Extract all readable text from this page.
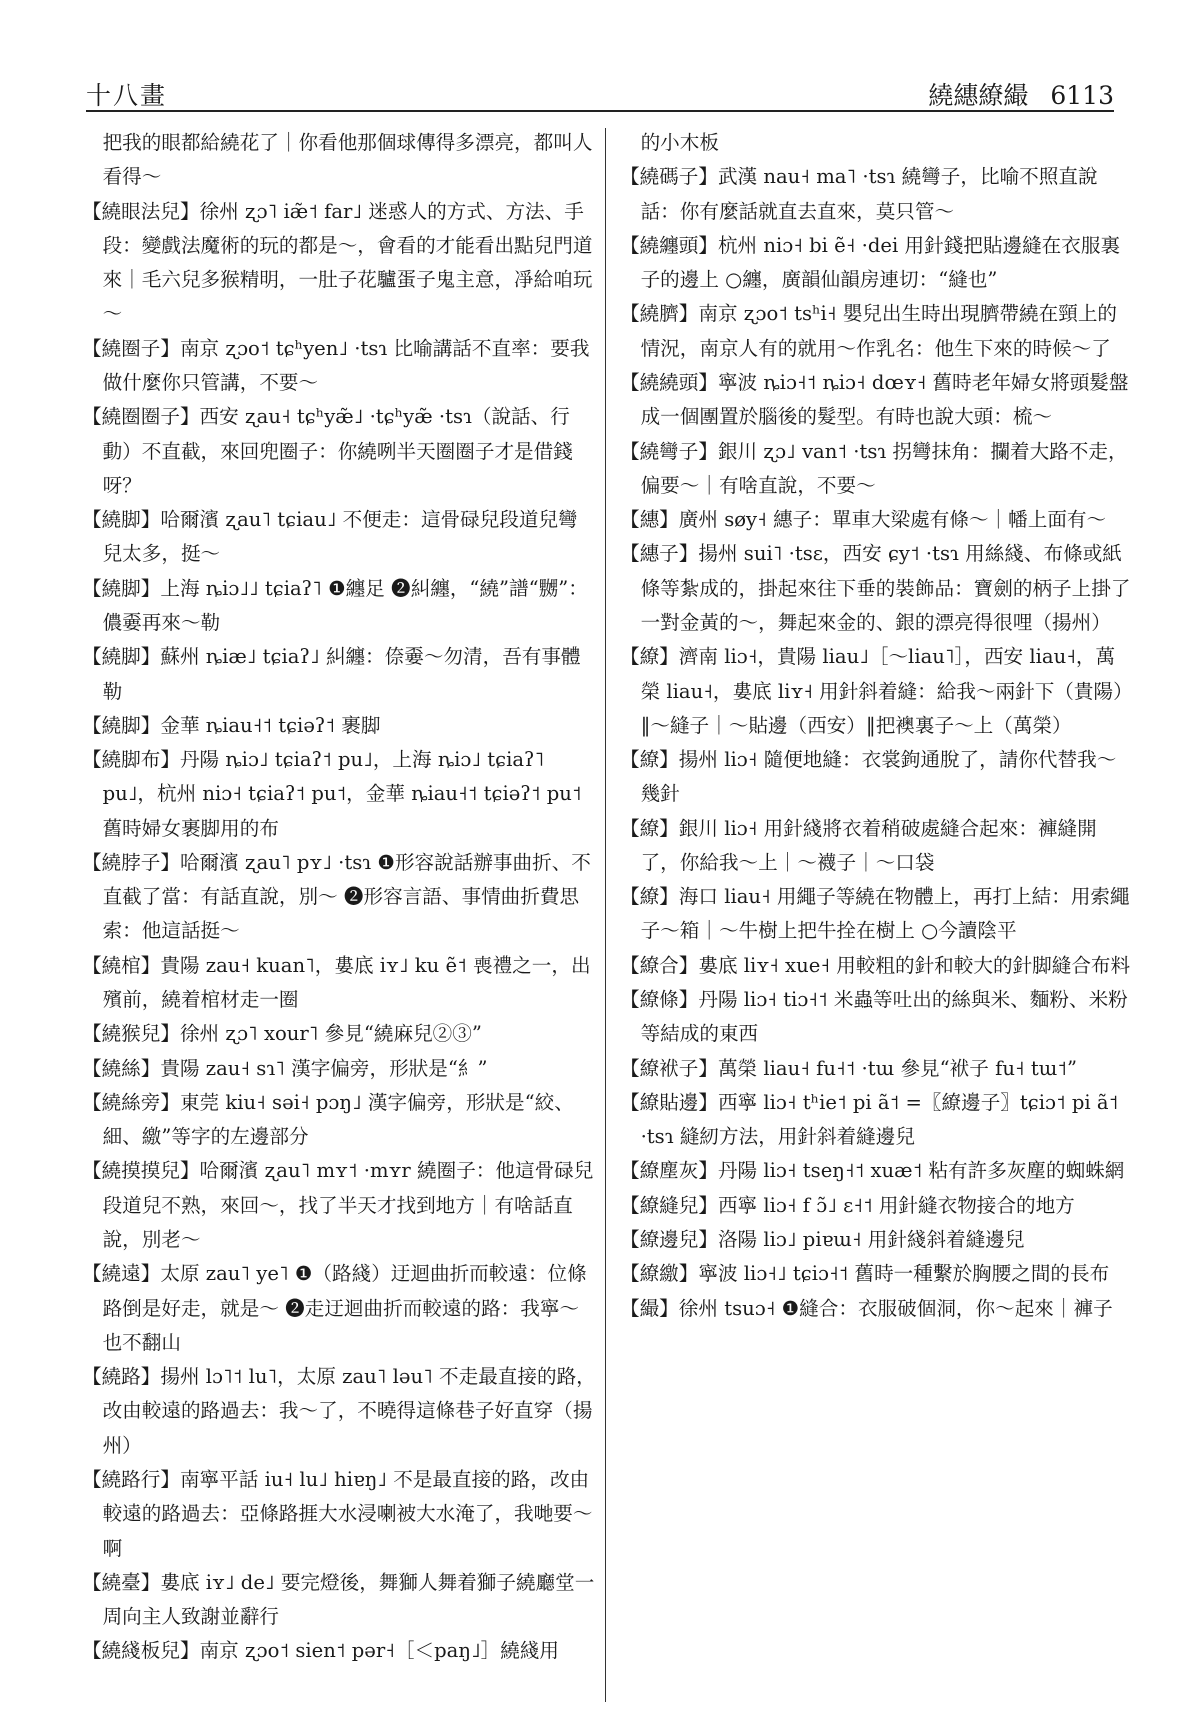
十八畫	繞繐繚繓 6113

把我的眼都給繞花了｜你看他那個球傳得多漂亮，都叫人看得～

【繞眼法兒】徐州 ʐɔ˥ iæ̃˦ far˩ 迷惑人的方式、方法、手段：變戲法魔術的玩的都是～，會看的才能看出點兒門道來｜毛六兒多猴精明，一肚子花驢蛋子鬼主意，凈給咱玩～

【繞圈子】南京 ʐɔo˦ tɕʰyen˩ ·tsɿ 比喻講話不直率：要我做什麼你只管講，不要～

【繞圈圈子】西安 ʐau˧ tɕʰyæ̃˩ ·tɕʰyæ̃ ·tsɿ（說話、行動）不直截，來回兜圈子：你繞咧半天圈圈子才是借錢呀？

【繞脚】哈爾濱 ʐau˥ tɕiau˩ 不便走：這骨碌兒段道兒彎兒太多，挺～

【繞脚】上海 ȵiɔ˩˩ tɕiaʔ˥ ❶纏足 ❷糾纏，“繞”譜“嬲”：儂嫑再來～勒

【繞脚】蘇州 ȵiæ˩ tɕiaʔ˩ 糾纏：倷嫑～勿清，吾有事體勒

【繞脚】金華 ȵiau˧˦ tɕiəʔ˦ 裹脚

【繞脚布】丹陽 ȵiɔ˩ tɕiaʔ˦ pu˩，上海 ȵiɔ˩ tɕiaʔ˥ pu˩，杭州 niɔ˧ tɕiaʔ˦ pu˦，金華 ȵiau˧˦ tɕiəʔ˦ pu˦ 舊時婦女裹脚用的布

【繞脖子】哈爾濱 ʐau˥ pʏ˩ ·tsɿ ❶形容說話辦事曲折、不直截了當：有話直說，別～ ❷形容言語、事情曲折費思索：他這話挺～

【繞棺】貴陽 zau˧ kuan˥，婁底 iʏ˩ ku ẽ˦ 喪禮之一，出殯前，繞着棺材走一圈

【繞猴兒】徐州 ʐɔ˥ xour˥ 參見“繞麻兒②③”

【繞絲】貴陽 zau˧ sɿ˥ 漢字偏旁，形狀是“糹”

【繞絲旁】東莞 kiu˧ səi˧ pɔŋ˩ 漢字偏旁，形狀是“絞、細、繳”等字的左邊部分

【繞摸摸兒】哈爾濱 ʐau˥ mʏ˦ ·mʏr 繞圈子：他這骨碌兒段道兒不熟，來回～，找了半天才找到地方｜有啥話直說，別老～

【繞遠】太原 zau˥ ye˥ ❶（路綫）迂迴曲折而較遠：位條路倒是好走，就是～ ❷走迂迴曲折而較遠的路：我寧～也不翻山

【繞路】揚州 lɔ˥˦ lu˥，太原 zau˥ ləu˥ 不走最直接的路，改由較遠的路過去：我～了，不曉得這條巷子好直穿（揚州）

【繞路行】南寧平話 iu˧ lu˩ hiɐŋ˩ 不是最直接的路，改由較遠的路過去：亞條路捱大水浸喇被大水淹了，我哋要～啊

【繞臺】婁底 iʏ˩ de˩ 要完燈後，舞獅人舞着獅子繞廳堂一周向主人致謝並辭行

【繞綫板兒】南京 ʐɔo˦ sien˦ pər˧［＜paŋ˩］繞綫用

的小木板

【繞碼子】武漢 nau˧ ma˥ ·tsɿ 繞彎子，比喻不照直說話：你有麼話就直去直來，莫只管～

【繞纏頭】杭州 niɔ˧ bi ẽ˧ ·dei 用針錢把貼邊縫在衣服裏子的邊上 ○纏，廣韻仙韻房連切：“縫也”

【繞臍】南京 ʐɔo˦ tsʰi˧ 嬰兒出生時出現臍帶繞在頸上的情況，南京人有的就用～作乳名：他生下來的時候～了

【繞繞頭】寧波 ȵiɔ˧˦ ȵiɔ˧ dœʏ˧ 舊時老年婦女將頭髮盤成一個團置於腦後的髮型。有時也說大頭：梳～

【繞彎子】銀川 ʐɔ˩ van˦ ·tsɿ 拐彎抹角：攔着大路不走，偏要～｜有啥直說，不要～

【繐】廣州 søy˧ 繐子：單車大梁處有條～｜幡上面有～

【繐子】揚州 sui˥ ·tsɛ，西安 ɕy˦ ·tsɿ 用絲綫、布條或紙條等紮成的，掛起來往下垂的裝飾品：寶劍的柄子上掛了一對金黃的～，舞起來金的、銀的漂亮得很哩（揚州）

【繚】濟南 liɔ˧，貴陽 liau˩［～liau˥］，西安 liau˧，萬榮 liau˧，婁底 liʏ˧ 用針斜着縫：給我～兩針下（貴陽）‖～縫子｜～貼邊（西安）‖把襖裏子～上（萬榮）

【繚】揚州 liɔ˧ 隨便地縫：衣裳鉤通脫了，請你代替我～幾針

【繚】銀川 liɔ˧ 用針綫將衣着稍破處縫合起來：褲縫開了，你給我～上｜～襪子｜～口袋

【繚】海口 liau˧ 用繩子等繞在物體上，再打上結：用索繩子～箱｜～牛樹上把牛拴在樹上 ○今讀陰平

【繚合】婁底 liʏ˧ xue˧ 用較粗的針和較大的針脚縫合布料

【繚條】丹陽 liɔ˧ tiɔ˧˦ 米蟲等吐出的絲與米、麵粉、米粉等結成的東西

【繚袱子】萬榮 liau˧ fu˧˦ ·tɯ 參見“袱子 fu˧ tɯ˦”

【繚貼邊】西寧 liɔ˧ tʰie˦ pi ã˦ =〖繚邊子〗tɕiɔ˦ pi ã˦ ·tsɿ 縫紉方法，用針斜着縫邊兒

【繚塵灰】丹陽 liɔ˧ tseŋ˧˦ xuæ˦ 粘有許多灰塵的蜘蛛網

【繚縫兒】西寧 liɔ˧ f ɔ̃˩ ɛ˧˦ 用針縫衣物接合的地方

【繚邊兒】洛陽 liɔ˩ piɐɯ˧ 用針綫斜着縫邊兒

【繚繳】寧波 liɔ˧˩ tɕiɔ˧˦ 舊時一種繫於胸腰之間的長布

【繓】徐州 tsuɔ˧ ❶縫合：衣服破個洞，你～起來｜褲子
